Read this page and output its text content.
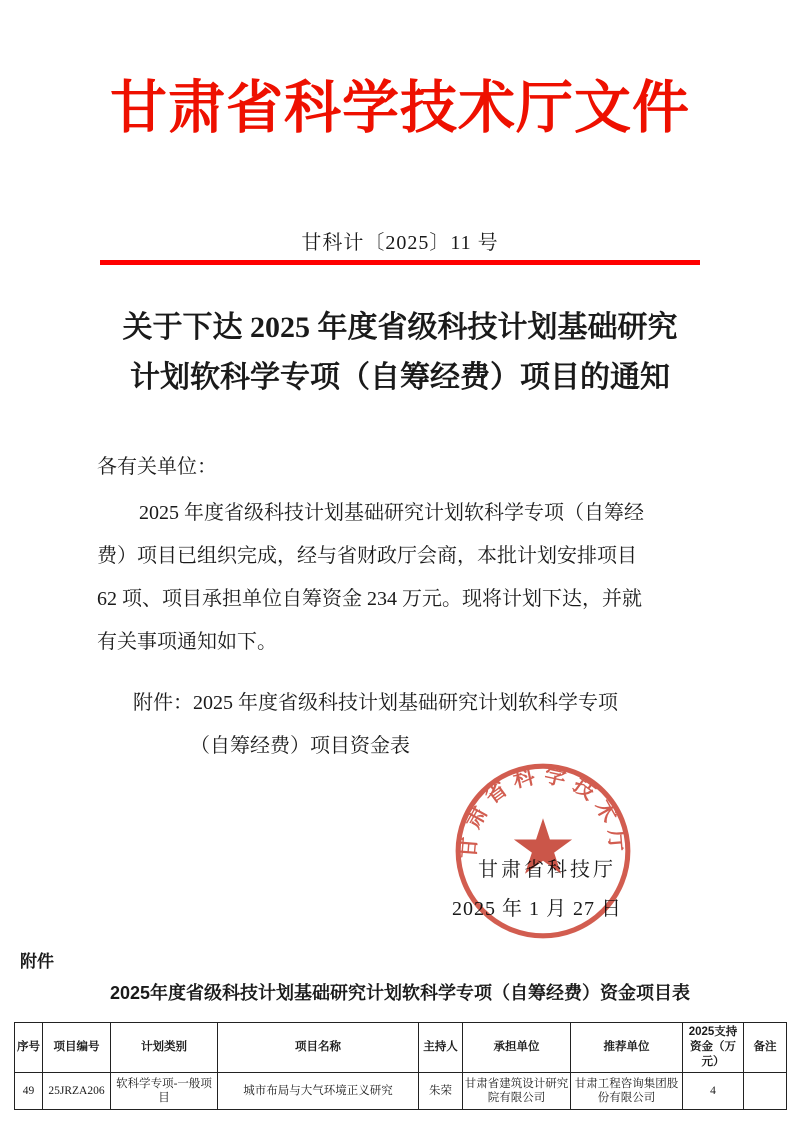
甘肃省科学技术厅文件
甘科计〔2025〕11 号
关于下达 2025 年度省级科技计划基础研究
计划软科学专项（自筹经费）项目的通知
各有关单位：
2025 年度省级科技计划基础研究计划软科学专项（自筹经
费）项目已组织完成，经与省财政厅会商，本批计划安排项目
62 项、项目承担单位自筹资金 234 万元。现将计划下达，并就
有关事项通知如下。
附件：2025 年度省级科技计划基础研究计划软科学专项
（自筹经费）项目资金表
甘肃省科技厅
2025 年 1 月 27 日
甘肃省科学技术厅
附件
2025年度省级科技计划基础研究计划软科学专项（自筹经费）资金项目表
序号	项目编号	计划类别	项目名称	主持人	承担单位	推荐单位	2025支持资金（万元）	备注
49	25JRZA206	软科学专项-一般项目	城市布局与大气环境正义研究	朱荣	甘肃省建筑设计研究院有限公司	甘肃工程咨询集团股份有限公司	4	
